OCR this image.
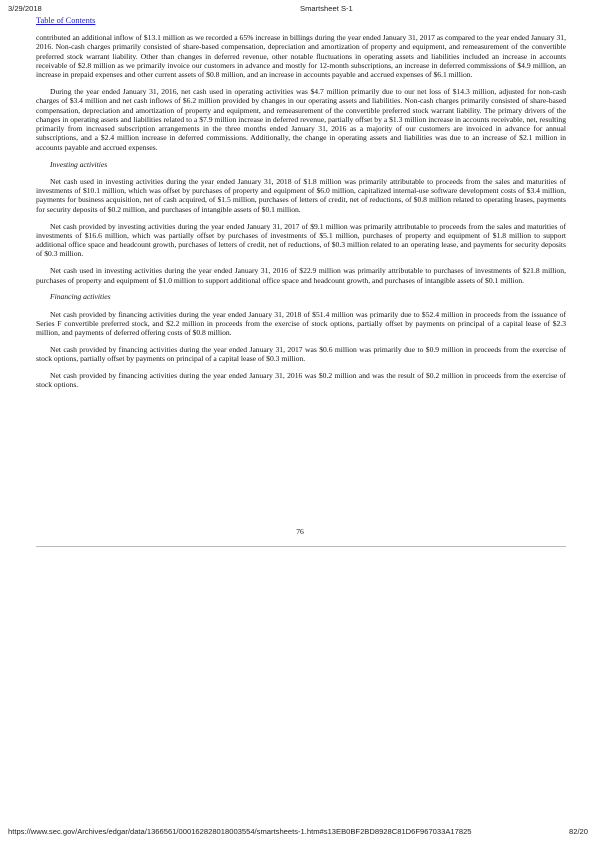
3/29/2018	Smartsheet S-1
Table of Contents

contributed an additional inflow of $13.1 million as we recorded a 65% increase in billings during the year ended January 31, 2017 as compared to the year ended January 31, 2016. Non-cash charges primarily consisted of share-based compensation, depreciation and amortization of property and equipment, and remeasurement of the convertible preferred stock warrant liability. Other than changes in deferred revenue, other notable fluctuations in operating assets and liabilities included an increase in accounts receivable of $2.8 million as we primarily invoice our customers in advance and mostly for 12-month subscriptions, an increase in deferred commissions of $4.9 million, an increase in prepaid expenses and other current assets of $0.8 million, and an increase in accounts payable and accrued expenses of $6.1 million.

During the year ended January 31, 2016, net cash used in operating activities was $4.7 million primarily due to our net loss of $14.3 million, adjusted for non-cash charges of $3.4 million and net cash inflows of $6.2 million provided by changes in our operating assets and liabilities. Non-cash charges primarily consisted of share-based compensation, depreciation and amortization of property and equipment, and remeasurement of the convertible preferred stock warrant liability. The primary drivers of the changes in operating assets and liabilities related to a $7.9 million increase in deferred revenue, partially offset by a $1.3 million increase in accounts receivable, net, resulting primarily from increased subscription arrangements in the three months ended January 31, 2016 as a majority of our customers are invoiced in advance for annual subscriptions, and a $2.4 million increase in deferred commissions. Additionally, the change in operating assets and liabilities was due to an increase of $2.1 million in accounts payable and accrued expenses.

Investing activities

Net cash used in investing activities during the year ended January 31, 2018 of $1.8 million was primarily attributable to proceeds from the sales and maturities of investments of $10.1 million, which was offset by purchases of property and equipment of $6.0 million, capitalized internal-use software development costs of $3.4 million, payments for business acquisition, net of cash acquired, of $1.5 million, purchases of letters of credit, net of reductions, of $0.8 million related to operating leases, payments for security deposits of $0.2 million, and purchases of intangible assets of $0.1 million.

Net cash provided by investing activities during the year ended January 31, 2017 of $9.1 million was primarily attributable to proceeds from the sales and maturities of investments of $16.6 million, which was partially offset by purchases of investments of $5.1 million, purchases of property and equipment of $1.8 million to support additional office space and headcount growth, purchases of letters of credit, net of reductions, of $0.3 million related to an operating lease, and payments for security deposits of $0.3 million.

Net cash used in investing activities during the year ended January 31, 2016 of $22.9 million was primarily attributable to purchases of investments of $21.8 million, purchases of property and equipment of $1.0 million to support additional office space and headcount growth, and purchases of intangible assets of $0.1 million.

Financing activities

Net cash provided by financing activities during the year ended January 31, 2018 of $51.4 million was primarily due to $52.4 million in proceeds from the issuance of Series F convertible preferred stock, and $2.2 million in proceeds from the exercise of stock options, partially offset by payments on principal of a capital lease of $2.3 million, and payments of deferred offering costs of $0.8 million.

Net cash provided by financing activities during the year ended January 31, 2017 was $0.6 million was primarily due to $0.9 million in proceeds from the exercise of stock options, partially offset by payments on principal of a capital lease of $0.3 million.

Net cash provided by financing activities during the year ended January 31, 2016 was $0.2 million and was the result of $0.2 million in proceeds from the exercise of stock options.

76
https://www.sec.gov/Archives/edgar/data/1366561/000162828018003554/smartsheets-1.htm#s13EB0BF2BD8928C81D6F967033A17825	82/20
